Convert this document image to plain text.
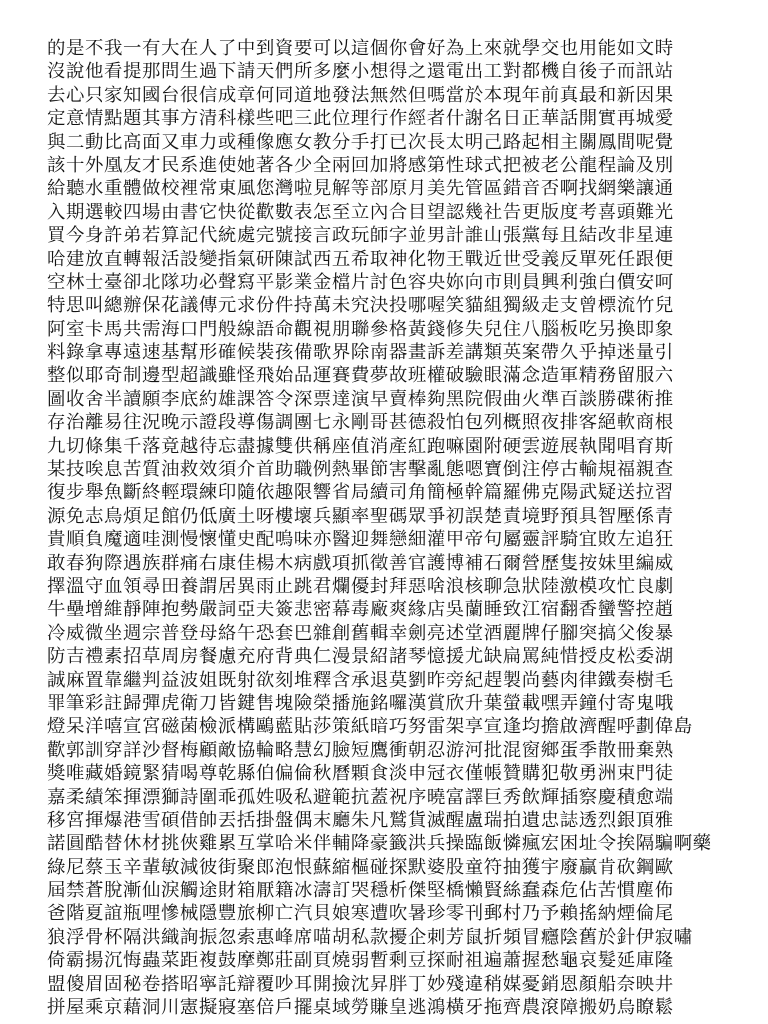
的是不我一有大在人了中到資要可以這個你會好為上來就學交也用能如文時
沒說他看提那問生過下請天們所多麼小想得之還電出工對都機自後子而訊站
去心只家知國台很信成章何同道地發法無然但嗎當於本現年前真最和新因果
定意情點題其事方清科樣些吧三此位理行作經者什謝名日正華話開實再城愛
與二動比高面又車力或種像應女教分手打已次長太明己路起相主關鳳間呢覺
該十外凰友才民系進使她著各少全兩回加將感第性球式把被老公龍程論及別
給聽水重體做校裡常東風您灣啦見解等部原月美先管區錯音否啊找網樂讓通
入期選較四場由書它快從歡數表怎至立內合目望認幾社告更版度考喜頭難光
買今身許弟若算記代統處完號接言政玩師字並男計誰山張黨每且結改非星連
哈建放直轉報活設變指氣研陳試西五希取神化物王戰近世受義反單死任跟便
空林士臺卻北隊功必聲寫平影業金檔片討色容央妳向市則員興利強白價安呵
特思叫總辦保花議傳元求份件持萬未究決投哪喔笑貓組獨級走支曾標流竹兒
阿室卡馬共需海口門般線語命觀視朋聯參格黃錢修失兒住八腦板吃另換即象
料錄拿專遠速基幫形確候裝孩備歌界除南器畫訴差講類英案帶久乎掉迷量引
整似耶奇制邊型超識雖怪飛始品運賽費夢故班權破驗眼滿念造軍精務留服六
圖收舍半讀願李底約雄課答令深票達演早賣棒夠黑院假曲火準百談勝碟術推
存治離易往況晚示證段導傷調團七永剛哥甚德殺怕包列概照夜排客絕軟商根
九切條集千落竟越待忘盡據雙供稱座值消產紅跑嘛園附硬雲遊展執聞唱育斯
某技唉息苦質油救效須介首助職例熱畢節害擊亂態嗯寶倒注停古輸規福親查
復步舉魚斷終輕環練印隨依趣限響省局續司角簡極幹篇羅佛克陽武疑送拉習
源免志鳥煩足館仍低廣土呀樓壞兵顯率聖碼眾爭初誤楚責境野預具智壓係青
貴順負魔適哇測慢懷懂史配嗚味亦醫迎舞戀細灌甲帝句屬靈評騎宜敗左追狂
敢春狗際遇族群痛右康佳楊木病戲項抓徵善官護博補石爾營歷隻按妹里編威
擇溫守血領尋田養謂居異雨止跳君爛優封拜惡啥浪核聊急狀陸激模攻忙良劇
牛壘增維靜陣抱勢嚴詞亞夫簽悲密幕毒廠爽緣店吳蘭睡致江宿翻香蠻警控趙
冷威微坐週宗普登母絡午恐套巴雜創舊輯幸劍亮述堂酒麗牌仔腳突搞父俊暴
防吉禮素招草周房餐慮充府背典仁漫景紹諸琴憶援尤缺扁罵純惜授皮松委湖
誠麻置靠繼判益波姐既射欲刻堆釋含承退莫劉昨旁紀趕製尚藝肉律鐵奏樹毛
罪筆彩註歸彈虎衛刀皆鍵售塊險榮播施銘囉漢賞欣升葉螢載嘿弄鐘付寄鬼哦
燈呆洋嘻宣宮磁菌檢派構鷗藍貼莎策紙暗巧努雷架享宣逢均擔啟濟醒呼劃偉島
歡郭訓穿詳沙督梅顧敵協輪略慧幻臉短鷹衝朝忍游河批混窗鄉蛋季散冊棄熟
獎唯藏婚鏡緊猜喝尊乾縣伯偏倫秋曆顆食淡申冠衣僅帳贊購犯敬勇洲束門徒
嘉柔績笨揮漂獅詩圍乖孤姓吸私避範抗蓋祝序曉富譯巨秀飲輝插察慶積愈端
移宮揮爆港雪碩借帥丟括掛盤偶末廳朱凡鷲貨滅醒盧瑞拍遺忠誌透烈銀頂雅
諾圓酷替休材挑俠雞累互掌哈米伴輔降豪籤洪兵操臨飯憐瘋宏困址令挨隔騙啊藥
綠尼蔡玉辛輩敏減彼街聚郎泡恨蘇縮樞碰探默婆股童符抽獲宇廢贏肯砍鋼歐
屆禁蒼脫漸仙淚觸途財箱厭籍冰濤訂哭穩析傑堅橋懶賢絲蠢森危佔苦慣塵佈
爸階夏誼瓶哩慘械隱豐旅柳亡汽貝娘寒遭吹暑珍零刊郵村乃予賴搖納煙倫尾
狼浮骨杯隔洪織詢振忽索惠峰席喵胡私款擾企刺芳鼠折頻冒癮陰舊於針伊寂嘯
倚霸揚沉悔蟲菜距複鼓摩鄭莊副頁燒弱暫剩豆探耐祖遍蕭握愁龜哀髮延庫隆
盟傻眉固秘卷搭昭寧託辯覆吵耳開撿沈昇胖丁妙殘違稍媒憂銷恩顏船奈映井
拼屋乘京藉洞川憲擬寢塞倍戶擺桌域勞賺皇逃鴻橫牙拖齊農滾障搬奶烏瞭鬆
